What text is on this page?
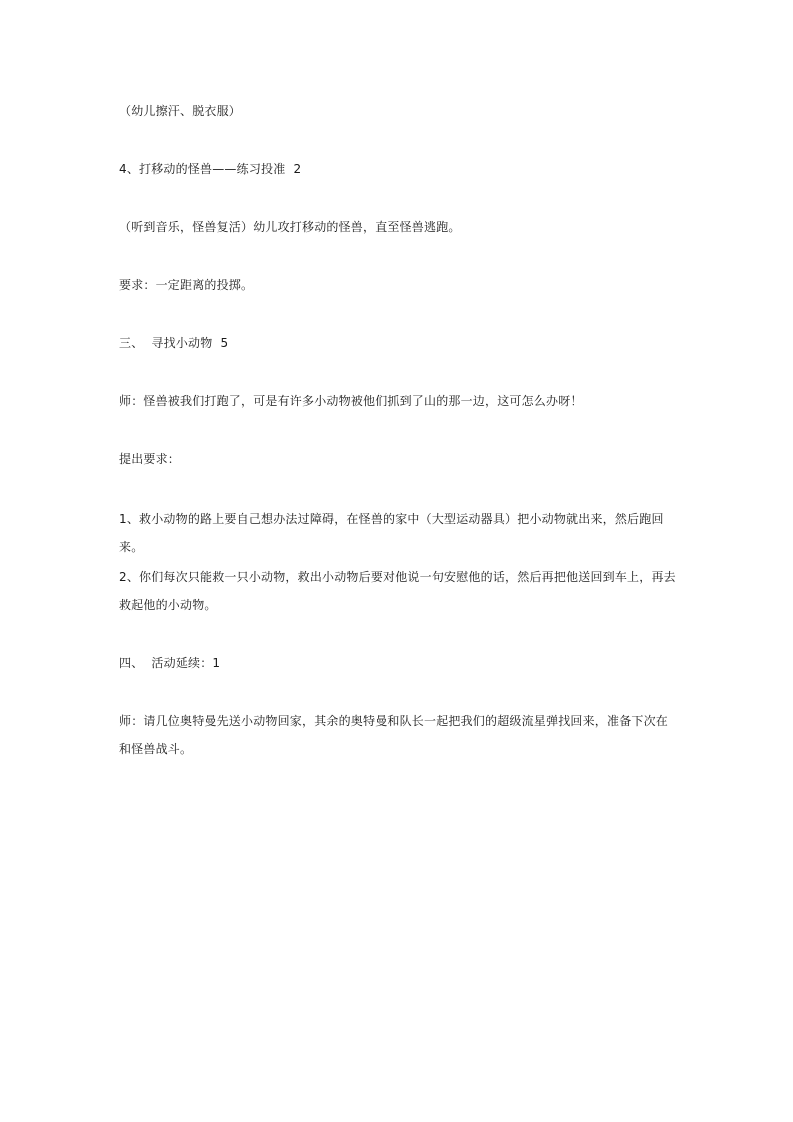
（幼儿擦汗、脱衣服）

4、打移动的怪兽——练习投准  2

（听到音乐，怪兽复活）幼儿攻打移动的怪兽，直至怪兽逃跑。

要求：一定距离的投掷。

三、  寻找小动物  5

师：怪兽被我们打跑了，可是有许多小动物被他们抓到了山的那一边，这可怎么办呀！

提出要求：

1、救小动物的路上要自己想办法过障碍，在怪兽的家中（大型运动器具）把小动物就出来，然后跑回来。

2、你们每次只能救一只小动物，救出小动物后要对他说一句安慰他的话，然后再把他送回到车上，再去救起他的小动物。

四、  活动延续：1

师：请几位奥特曼先送小动物回家，其余的奥特曼和队长一起把我们的超级流星弹找回来，准备下次在和怪兽战斗。
